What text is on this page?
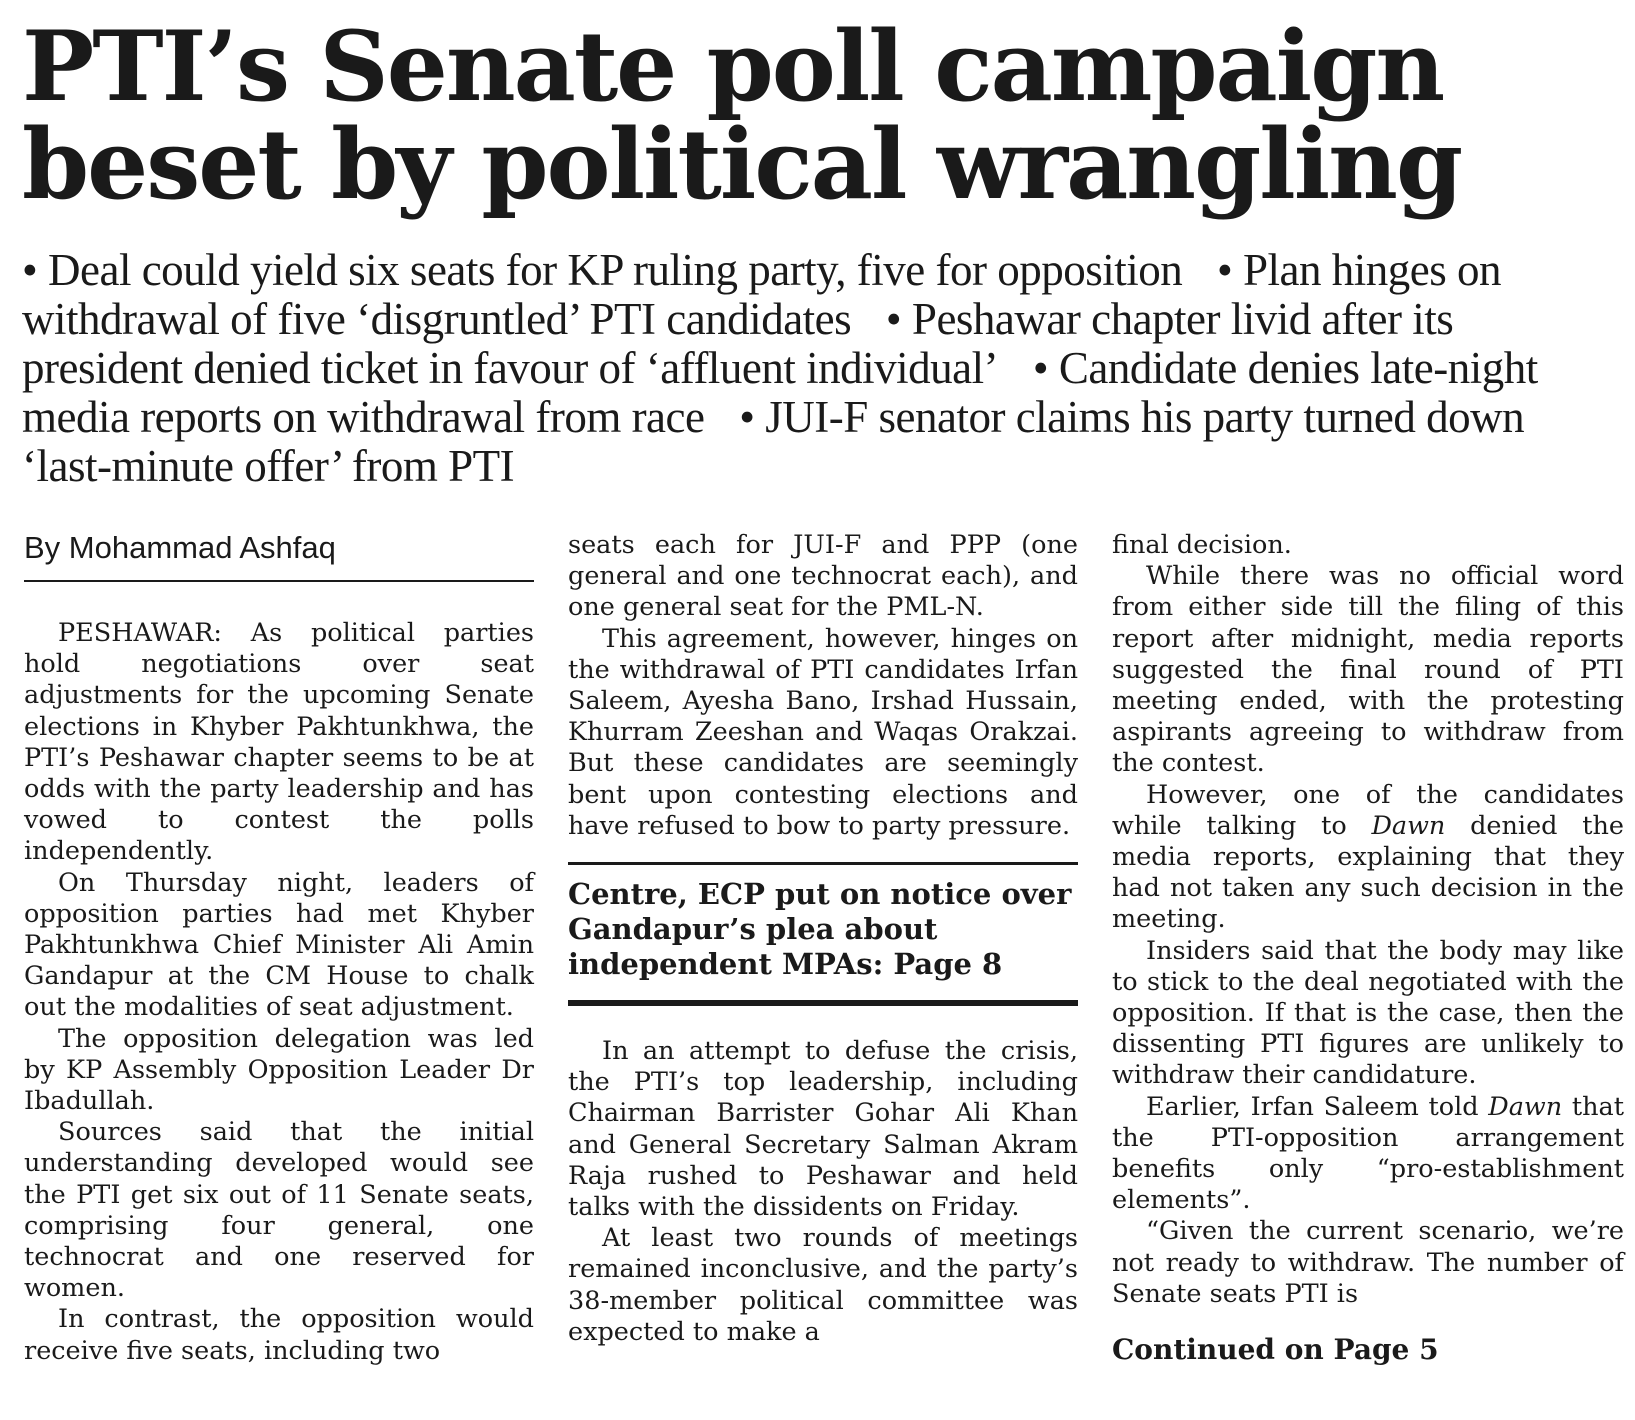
PTI’s Senate poll campaign beset by political wrangling
• Deal could yield six seats for KP ruling party, five for opposition • Plan hinges on withdrawal of five ‘disgruntled’ PTI candidates • Peshawar chapter livid after its president denied ticket in favour of ‘affluent individual’ • Candidate denies late-night media reports on withdrawal from race • JUI-F senator claims his party turned down ‘last-minute offer’ from PTI
By Mohammad Ashfaq

PESHAWAR: As political parties hold negotiations over seat adjustments for the upcoming Senate elections in Khyber Pakhtunkhwa, the PTI’s Peshawar chapter seems to be at odds with the party leadership and has vowed to contest the polls independently.

On Thursday night, leaders of opposition parties had met Khyber Pakhtunkhwa Chief Minister Ali Amin Gandapur at the CM House to chalk out the modalities of seat adjustment.

The opposition delegation was led by KP Assembly Opposition Leader Dr Ibadullah.

Sources said that the initial understanding developed would see the PTI get six out of 11 Senate seats, comprising four general, one technocrat and one reserved for women.

In contrast, the opposition would receive five seats, including two

seats each for JUI-F and PPP (one general and one technocrat each), and one general seat for the PML-N.

This agreement, however, hinges on the withdrawal of PTI candidates Irfan Saleem, Ayesha Bano, Irshad Hussain, Khurram Zeeshan and Waqas Orakzai. But these candidates are seemingly bent upon contesting elections and have refused to bow to party pressure.

Centre, ECP put on notice over Gandapur’s plea about independent MPAs: Page 8

In an attempt to defuse the crisis, the PTI’s top leadership, including Chairman Barrister Gohar Ali Khan and General Secretary Salman Akram Raja rushed to Peshawar and held talks with the dissidents on Friday.

At least two rounds of meetings remained inconclusive, and the party’s 38-member political committee was expected to make a

final decision.

While there was no official word from either side till the filing of this report after midnight, media reports suggested the final round of PTI meeting ended, with the protesting aspirants agreeing to withdraw from the contest.

However, one of the candidates while talking to Dawn denied the media reports, explaining that they had not taken any such decision in the meeting.

Insiders said that the body may like to stick to the deal negotiated with the opposition. If that is the case, then the dissenting PTI figures are unlikely to withdraw their candidature.

Earlier, Irfan Saleem told Dawn that the PTI-opposition arrangement benefits only “pro-establishment elements”.

“Given the current scenario, we’re not ready to withdraw. The number of Senate seats PTI is

Continued on Page 5
